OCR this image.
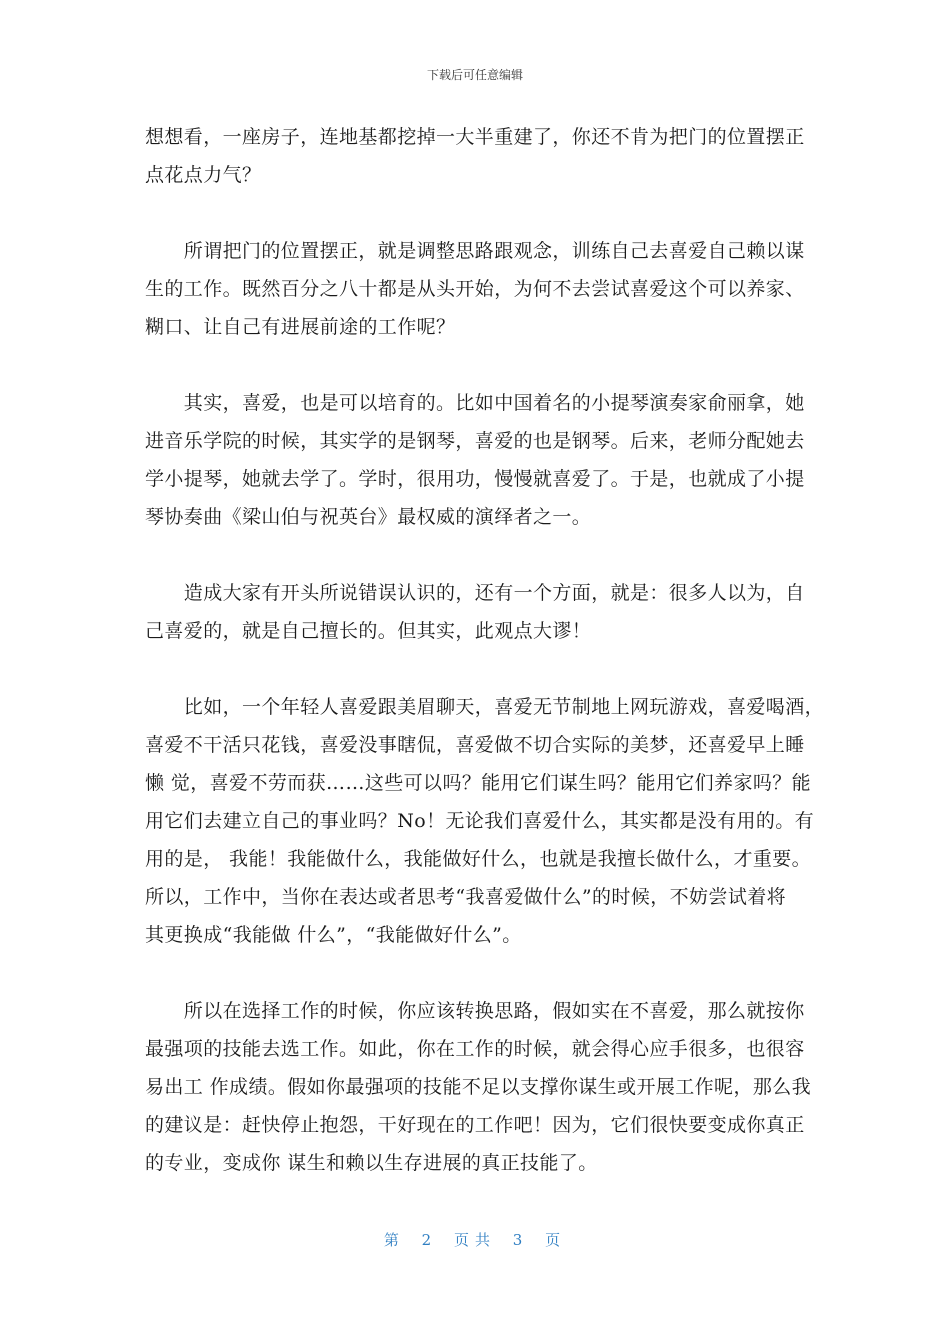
下载后可任意编辑

想想看，一座房子，连地基都挖掉一大半重建了，你还不肯为把门的位置摆正
点花点力气？

　　所谓把门的位置摆正，就是调整思路跟观念，训练自己去喜爱自己赖以谋
生的工作。既然百分之八十都是从头开始，为何不去尝试喜爱这个可以养家、
糊口、让自己有进展前途的工作呢？

　　其实，喜爱，也是可以培育的。比如中国着名的小提琴演奏家俞丽拿，她
进音乐学院的时候，其实学的是钢琴，喜爱的也是钢琴。后来，老师分配她去
学小提琴，她就去学了。学时，很用功，慢慢就喜爱了。于是，也就成了小提
琴协奏曲《梁山伯与祝英台》最权威的演绎者之一。

　　造成大家有开头所说错误认识的，还有一个方面，就是：很多人以为，自
己喜爱的，就是自己擅长的。但其实，此观点大谬！

　　比如，一个年轻人喜爱跟美眉聊天，喜爱无节制地上网玩游戏，喜爱喝酒，
喜爱不干活只花钱，喜爱没事瞎侃，喜爱做不切合实际的美梦，还喜爱早上睡
懒 觉，喜爱不劳而获……这些可以吗？能用它们谋生吗？能用它们养家吗？能
用它们去建立自己的事业吗？No！无论我们喜爱什么，其实都是没有用的。有
用的是， 我能！我能做什么，我能做好什么，也就是我擅长做什么，才重要。
所以，工作中，当你在表达或者思考“我喜爱做什么”的时候，不妨尝试着将
其更换成“我能做 什么”，“我能做好什么”。

　　所以在选择工作的时候，你应该转换思路，假如实在不喜爱，那么就按你
最强项的技能去选工作。如此，你在工作的时候，就会得心应手很多，也很容
易出工 作成绩。假如你最强项的技能不足以支撑你谋生或开展工作呢，那么我
的建议是：赶快停止抱怨，干好现在的工作吧！因为，它们很快要变成你真正
的专业，变成你 谋生和赖以生存进展的真正技能了。

第 2 页共 3 页
